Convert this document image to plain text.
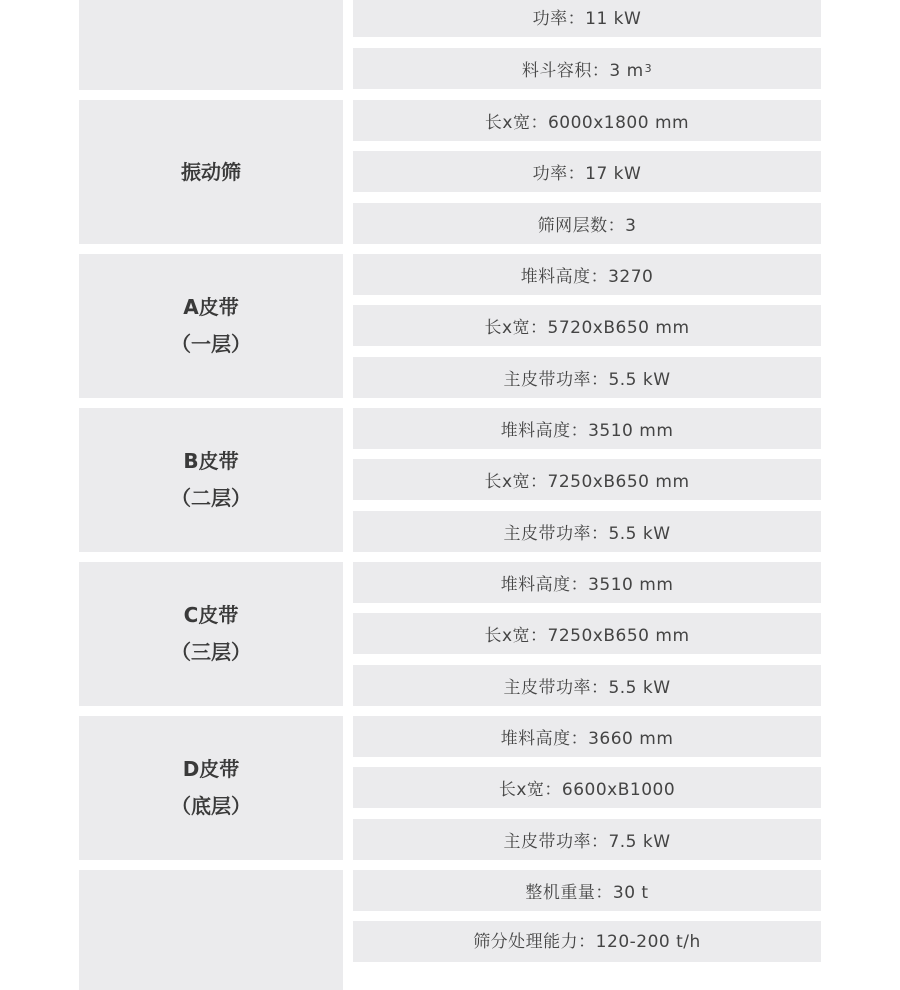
功率：11 kW
料斗容积：3 m 3
振动筛
长x宽：6000x1800 mm
功率：17 kW
筛网层数：3
A皮带
（一层）
堆料高度：3270
长x宽：5720xB650 mm
主皮带功率：5.5 kW
B皮带
（二层）
堆料高度：3510 mm
长x宽：7250xB650 mm
主皮带功率：5.5 kW
C皮带
（三层）
堆料高度：3510 mm
长x宽：7250xB650 mm
主皮带功率：5.5 kW
D皮带
（底层）
堆料高度：3660 mm
长x宽：6600xB1000
主皮带功率：7.5 kW
整机重量：30 t
筛分处理能力：120-200 t/h
